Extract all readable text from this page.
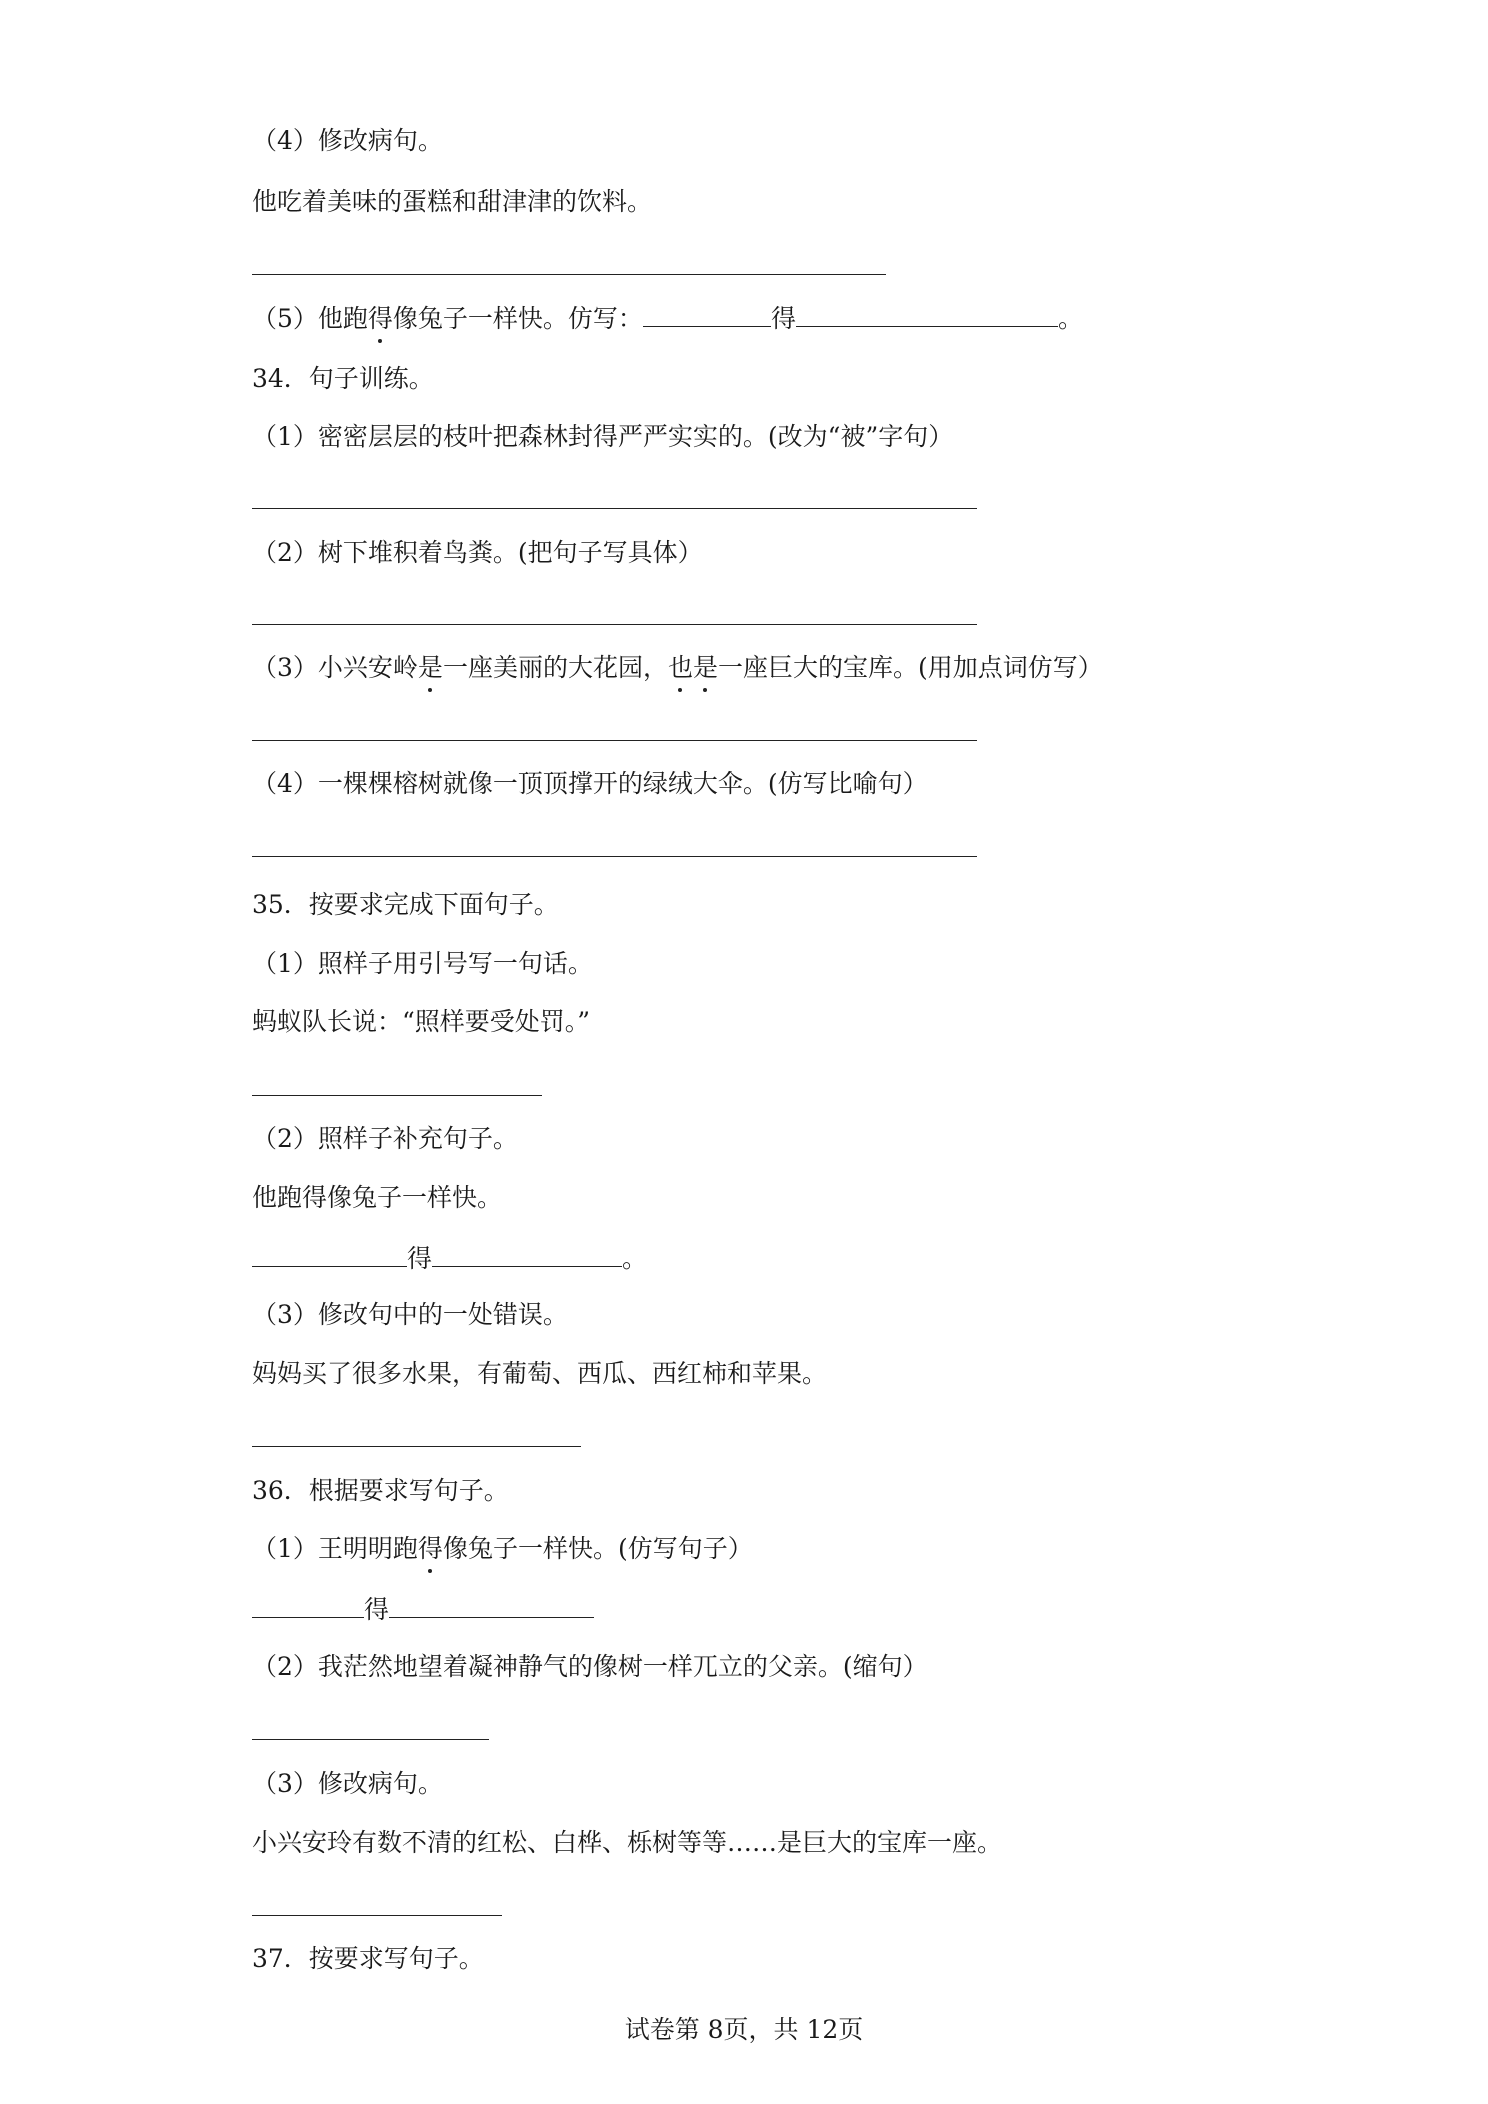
（4）修改病句。
他吃着美味的蛋糕和甜津津的饮料。
（5）他跑得像兔子一样快。仿写：	得	。
34．句子训练。
（1）密密层层的枝叶把森林封得严严实实的。(改为“被”字句）
（2）树下堆积着鸟粪。(把句子写具体）
（3）小兴安岭是一座美丽的大花园，也是一座巨大的宝库。(用加点词仿写）
（4）一棵棵榕树就像一顶顶撑开的绿绒大伞。(仿写比喻句）
35．按要求完成下面句子。
（1）照样子用引号写一句话。
蚂蚁队长说：“照样要受处罚。”
（2）照样子补充句子。
他跑得像兔子一样快。
得	。
（3）修改句中的一处错误。
妈妈买了很多水果，有葡萄、西瓜、西红柿和苹果。
36．根据要求写句子。
（1）王明明跑得像兔子一样快。(仿写句子）
得
（2）我茫然地望着凝神静气的像树一样兀立的父亲。(缩句）
（3）修改病句。
小兴安玲有数不清的红松、白桦、栎树等等……是巨大的宝库一座。
37．按要求写句子。
试卷第 8页，共 12页
